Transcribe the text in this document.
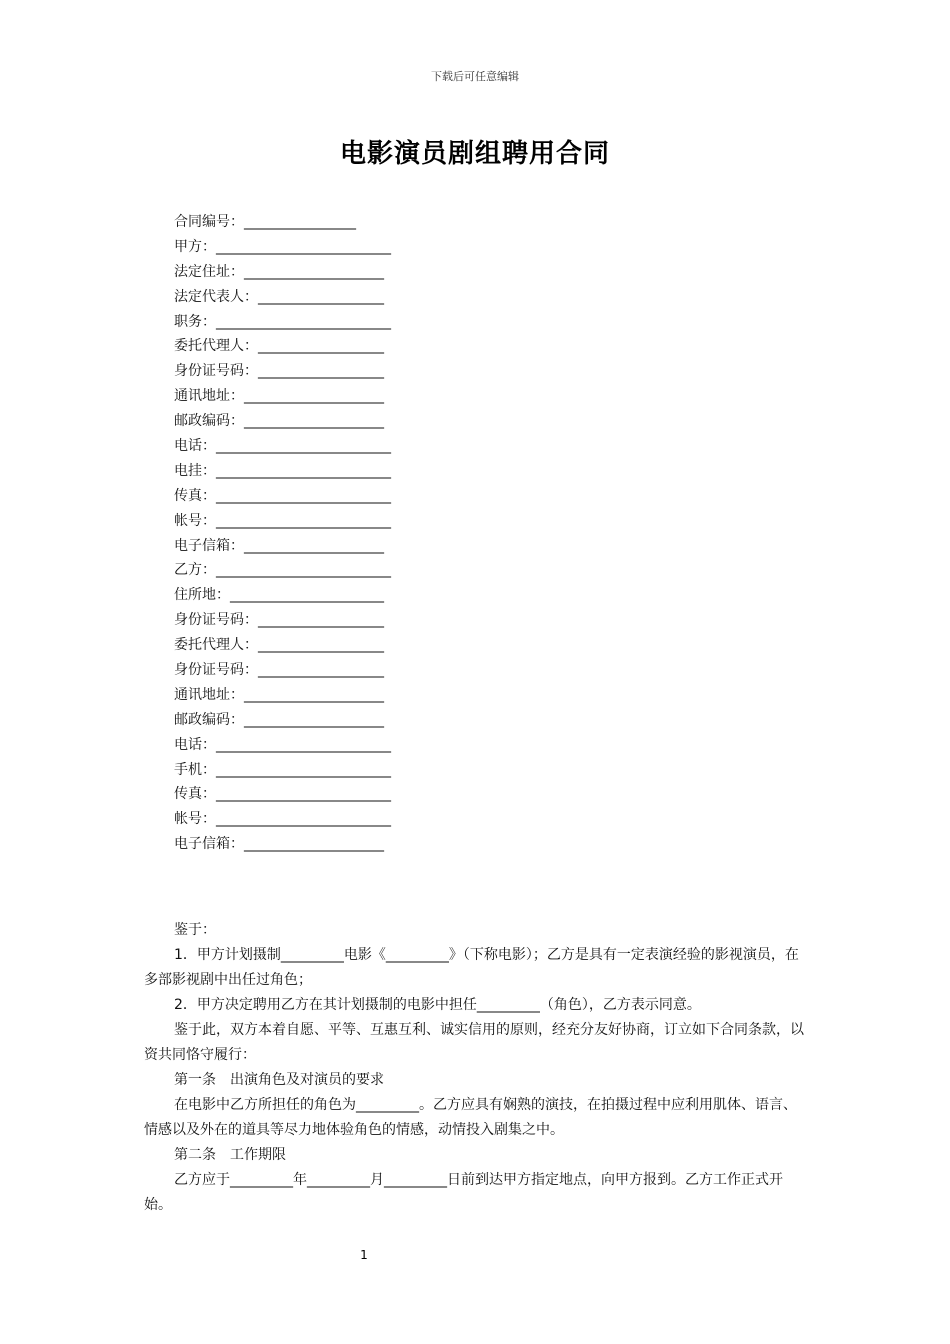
下载后可任意编辑
电影演员剧组聘用合同
合同编号：________________
甲方：_________________________
法定住址：____________________
法定代表人：__________________
职务：_________________________
委托代理人：__________________
身份证号码：__________________
通讯地址：____________________
邮政编码：____________________
电话：_________________________
电挂：_________________________
传真：_________________________
帐号：_________________________
电子信箱：____________________
乙方：_________________________
住所地：______________________
身份证号码：__________________
委托代理人：__________________
身份证号码：__________________
通讯地址：____________________
邮政编码：____________________
电话：_________________________
手机：_________________________
传真：_________________________
帐号：_________________________
电子信箱：____________________

鉴于：

1．甲方计划摄制_________电影《_________》（下称电影）；乙方是具有一定表演经验的影视演员，在多部影视剧中出任过角色；

2．甲方决定聘用乙方在其计划摄制的电影中担任_________（角色），乙方表示同意。

鉴于此，双方本着自愿、平等、互惠互利、诚实信用的原则，经充分友好协商，订立如下合同条款，以资共同恪守履行：

第一条　出演角色及对演员的要求

在电影中乙方所担任的角色为_________。乙方应具有娴熟的演技，在拍摄过程中应利用肌体、语言、情感以及外在的道具等尽力地体验角色的情感，动情投入剧集之中。

第二条　工作期限

乙方应于_________年_________月_________日前到达甲方指定地点，向甲方报到。乙方工作正式开始。

1
